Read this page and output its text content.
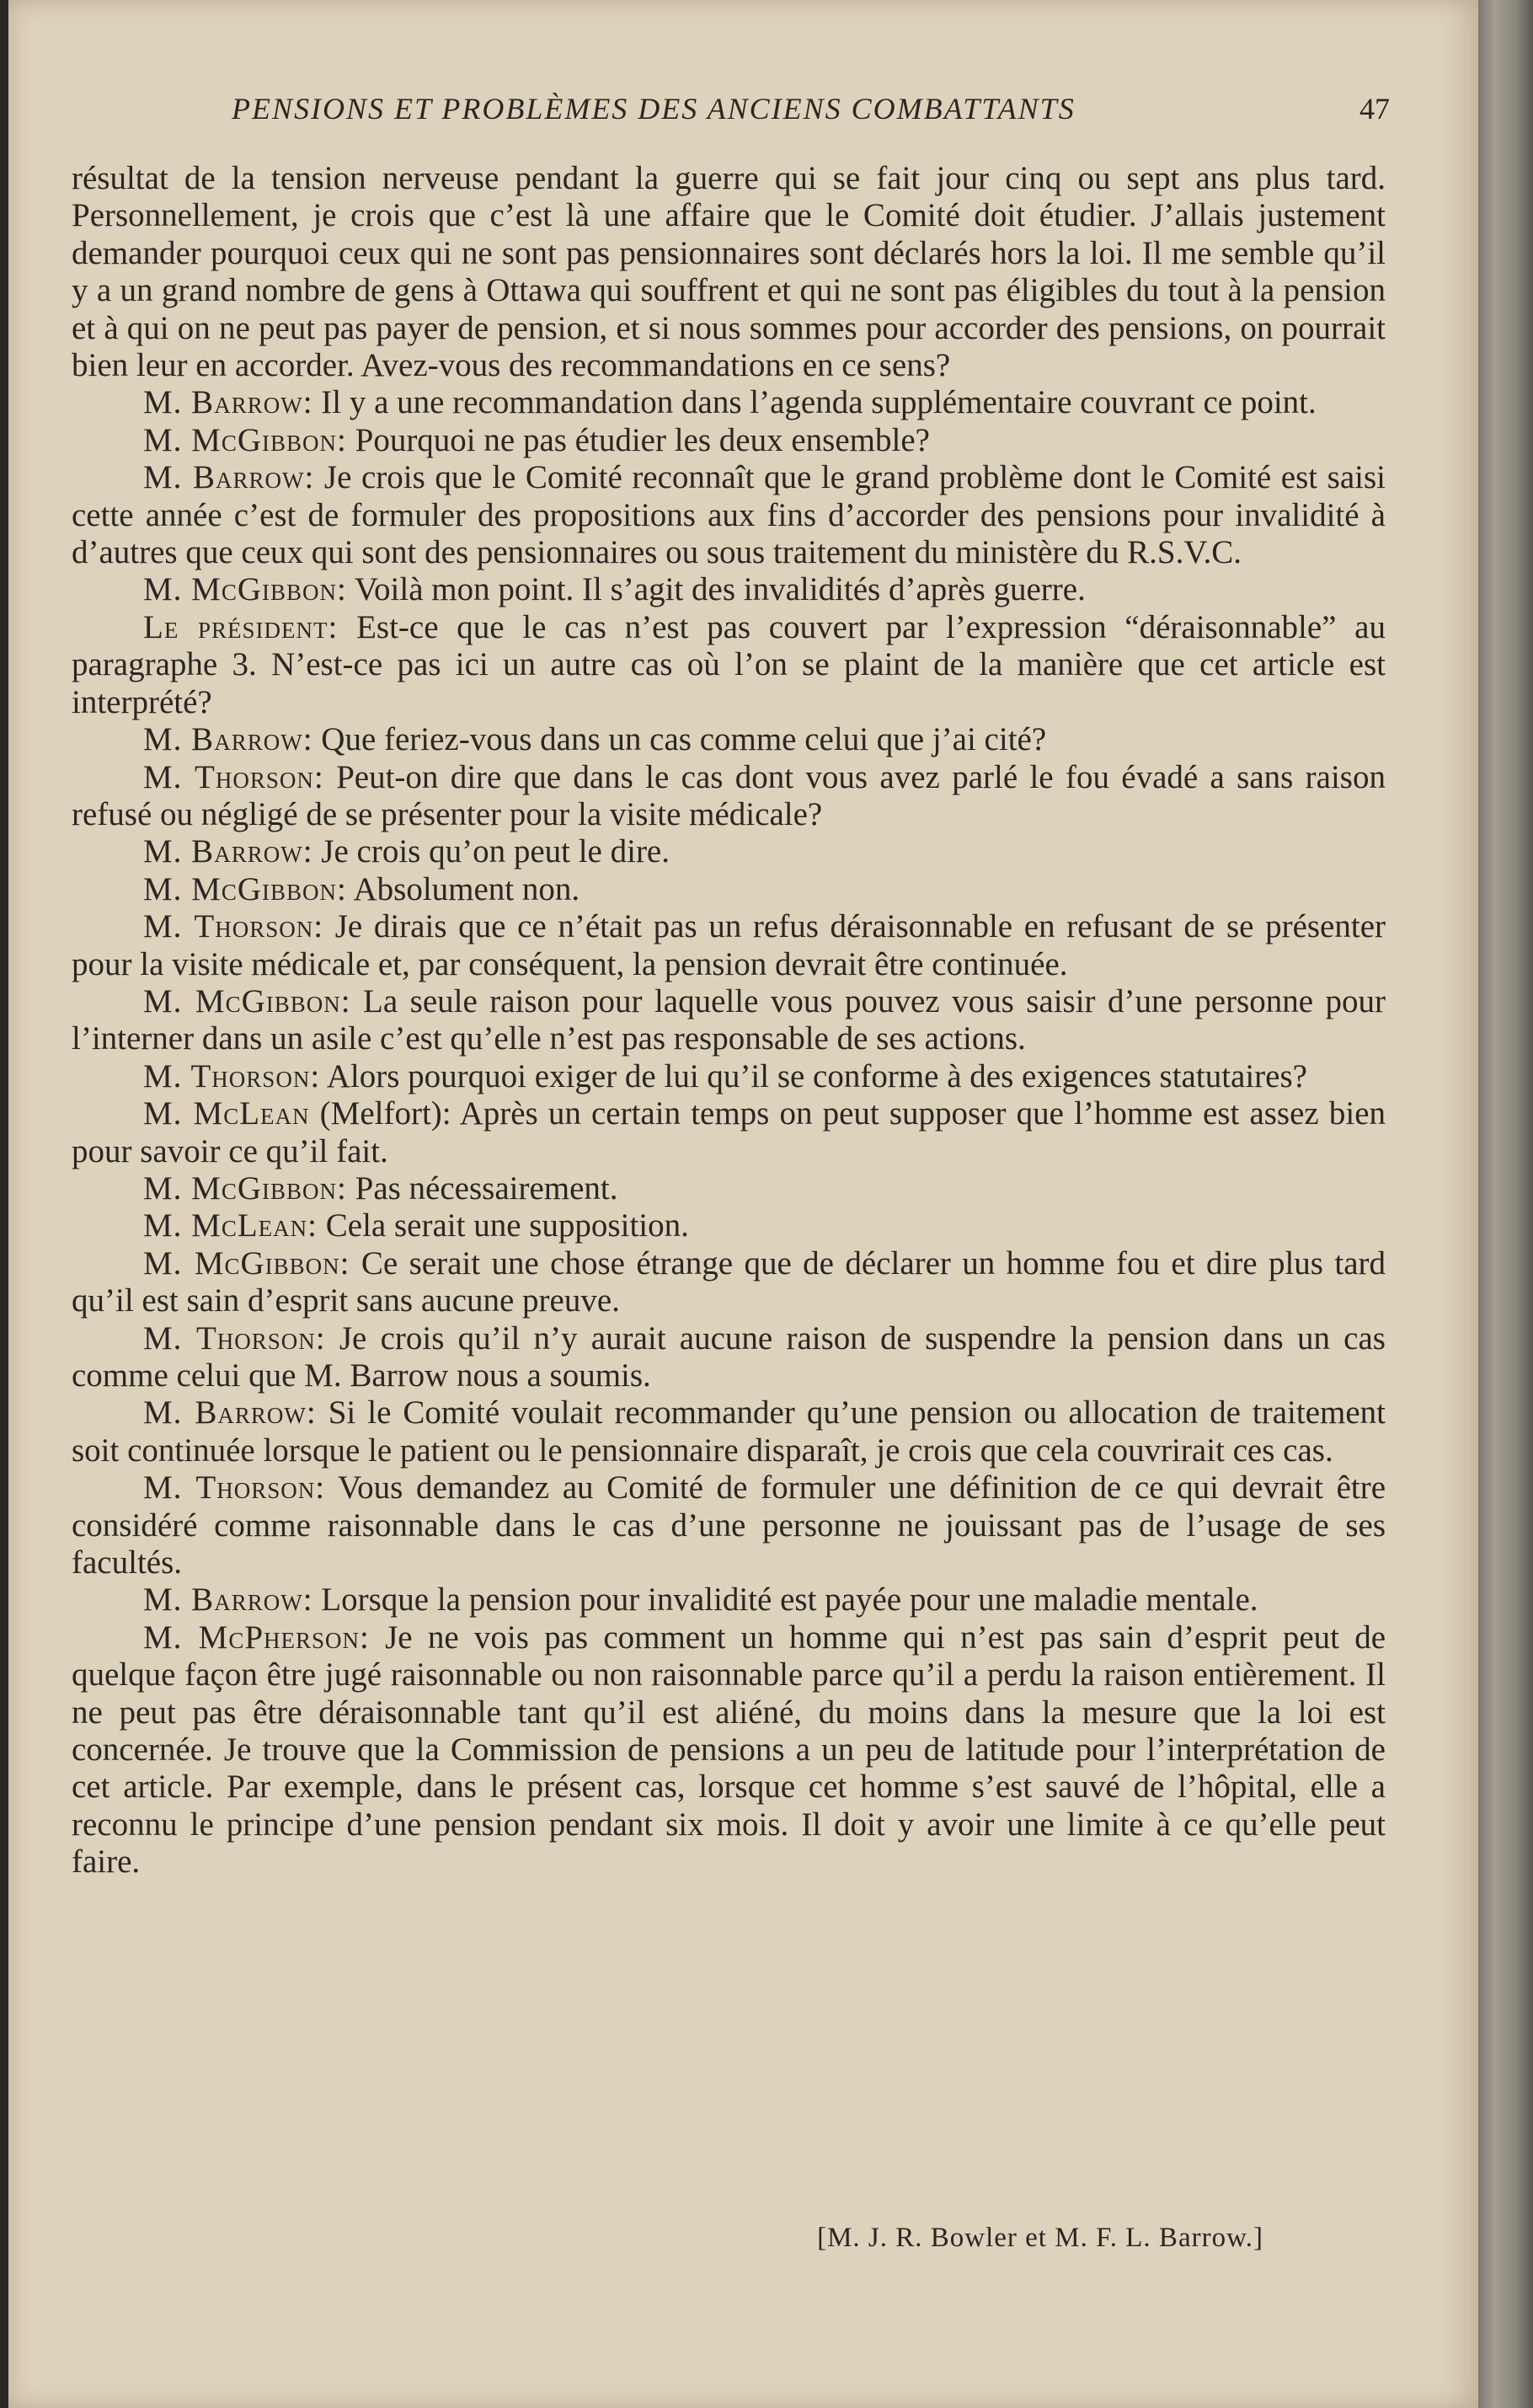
PENSIONS ET PROBLÈMES DES ANCIENS COMBATTANTS	47

résultat de la tension nerveuse pendant la guerre qui se fait jour cinq ou sept ans plus tard. Personnellement, je crois que c’est là une affaire que le Comité doit étudier. J’allais justement demander pourquoi ceux qui ne sont pas pensionnaires sont déclarés hors la loi. Il me semble qu’il y a un grand nombre de gens à Ottawa qui souffrent et qui ne sont pas éligibles du tout à la pension et à qui on ne peut pas payer de pension, et si nous sommes pour accorder des pensions, on pourrait bien leur en accorder. Avez-vous des recommandations en ce sens?

M. Barrow: Il y a une recommandation dans l’agenda supplémentaire couvrant ce point.

M. McGibbon: Pourquoi ne pas étudier les deux ensemble?

M. Barrow: Je crois que le Comité reconnaît que le grand problème dont le Comité est saisi cette année c’est de formuler des propositions aux fins d’accorder des pensions pour invalidité à d’autres que ceux qui sont des pensionnaires ou sous traitement du ministère du R.S.V.C.

M. McGibbon: Voilà mon point. Il s’agit des invalidités d’après guerre.

Le président: Est-ce que le cas n’est pas couvert par l’expression “déraisonnable” au paragraphe 3. N’est-ce pas ici un autre cas où l’on se plaint de la manière que cet article est interprété?

M. Barrow: Que feriez-vous dans un cas comme celui que j’ai cité?

M. Thorson: Peut-on dire que dans le cas dont vous avez parlé le fou évadé a sans raison refusé ou négligé de se présenter pour la visite médicale?

M. Barrow: Je crois qu’on peut le dire.

M. McGibbon: Absolument non.

M. Thorson: Je dirais que ce n’était pas un refus déraisonnable en refusant de se présenter pour la visite médicale et, par conséquent, la pension devrait être continuée.

M. McGibbon: La seule raison pour laquelle vous pouvez vous saisir d’une personne pour l’interner dans un asile c’est qu’elle n’est pas responsable de ses actions.

M. Thorson: Alors pourquoi exiger de lui qu’il se conforme à des exigences statutaires?

M. McLean (Melfort): Après un certain temps on peut supposer que l’homme est assez bien pour savoir ce qu’il fait.

M. McGibbon: Pas nécessairement.

M. McLean: Cela serait une supposition.

M. McGibbon: Ce serait une chose étrange que de déclarer un homme fou et dire plus tard qu’il est sain d’esprit sans aucune preuve.

M. Thorson: Je crois qu’il n’y aurait aucune raison de suspendre la pension dans un cas comme celui que M. Barrow nous a soumis.

M. Barrow: Si le Comité voulait recommander qu’une pension ou allocation de traitement soit continuée lorsque le patient ou le pensionnaire disparaît, je crois que cela couvrirait ces cas.

M. Thorson: Vous demandez au Comité de formuler une définition de ce qui devrait être considéré comme raisonnable dans le cas d’une personne ne jouissant pas de l’usage de ses facultés.

M. Barrow: Lorsque la pension pour invalidité est payée pour une maladie mentale.

M. McPherson: Je ne vois pas comment un homme qui n’est pas sain d’esprit peut de quelque façon être jugé raisonnable ou non raisonnable parce qu’il a perdu la raison entièrement. Il ne peut pas être déraisonnable tant qu’il est aliéné, du moins dans la mesure que la loi est concernée. Je trouve que la Commission de pensions a un peu de latitude pour l’interprétation de cet article. Par exemple, dans le présent cas, lorsque cet homme s’est sauvé de l’hôpital, elle a reconnu le principe d’une pension pendant six mois. Il doit y avoir une limite à ce qu’elle peut faire.

[M. J. R. Bowler et M. F. L. Barrow.]
